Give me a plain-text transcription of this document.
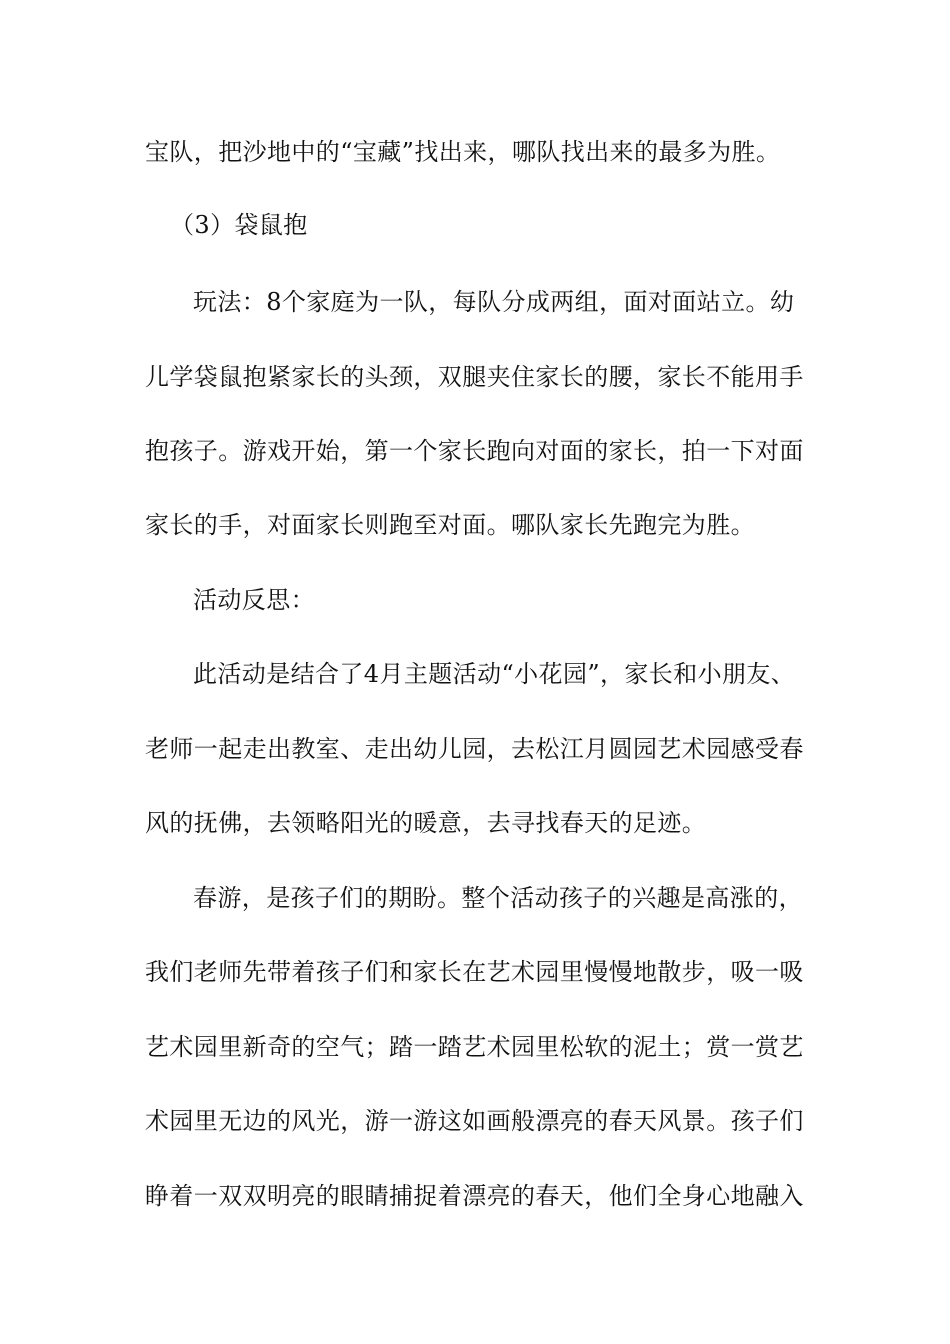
宝队，把沙地中的“宝藏”找出来，哪队找出来的最多为胜。
（3）袋鼠抱
玩法：8个家庭为一队，每队分成两组，面对面站立。幼
儿学袋鼠抱紧家长的头颈，双腿夹住家长的腰，家长不能用手
抱孩子。游戏开始，第一个家长跑向对面的家长，拍一下对面
家长的手，对面家长则跑至对面。哪队家长先跑完为胜。
活动反思：
此活动是结合了4月主题活动“小花园”，家长和小朋友、
老师一起走出教室、走出幼儿园，去松江月圆园艺术园感受春
风的抚佛，去领略阳光的暖意，去寻找春天的足迹。
春游，是孩子们的期盼。整个活动孩子的兴趣是高涨的，
我们老师先带着孩子们和家长在艺术园里慢慢地散步，吸一吸
艺术园里新奇的空气；踏一踏艺术园里松软的泥土；赏一赏艺
术园里无边的风光，游一游这如画般漂亮的春天风景。孩子们
睁着一双双明亮的眼睛捕捉着漂亮的春天，他们全身心地融入
